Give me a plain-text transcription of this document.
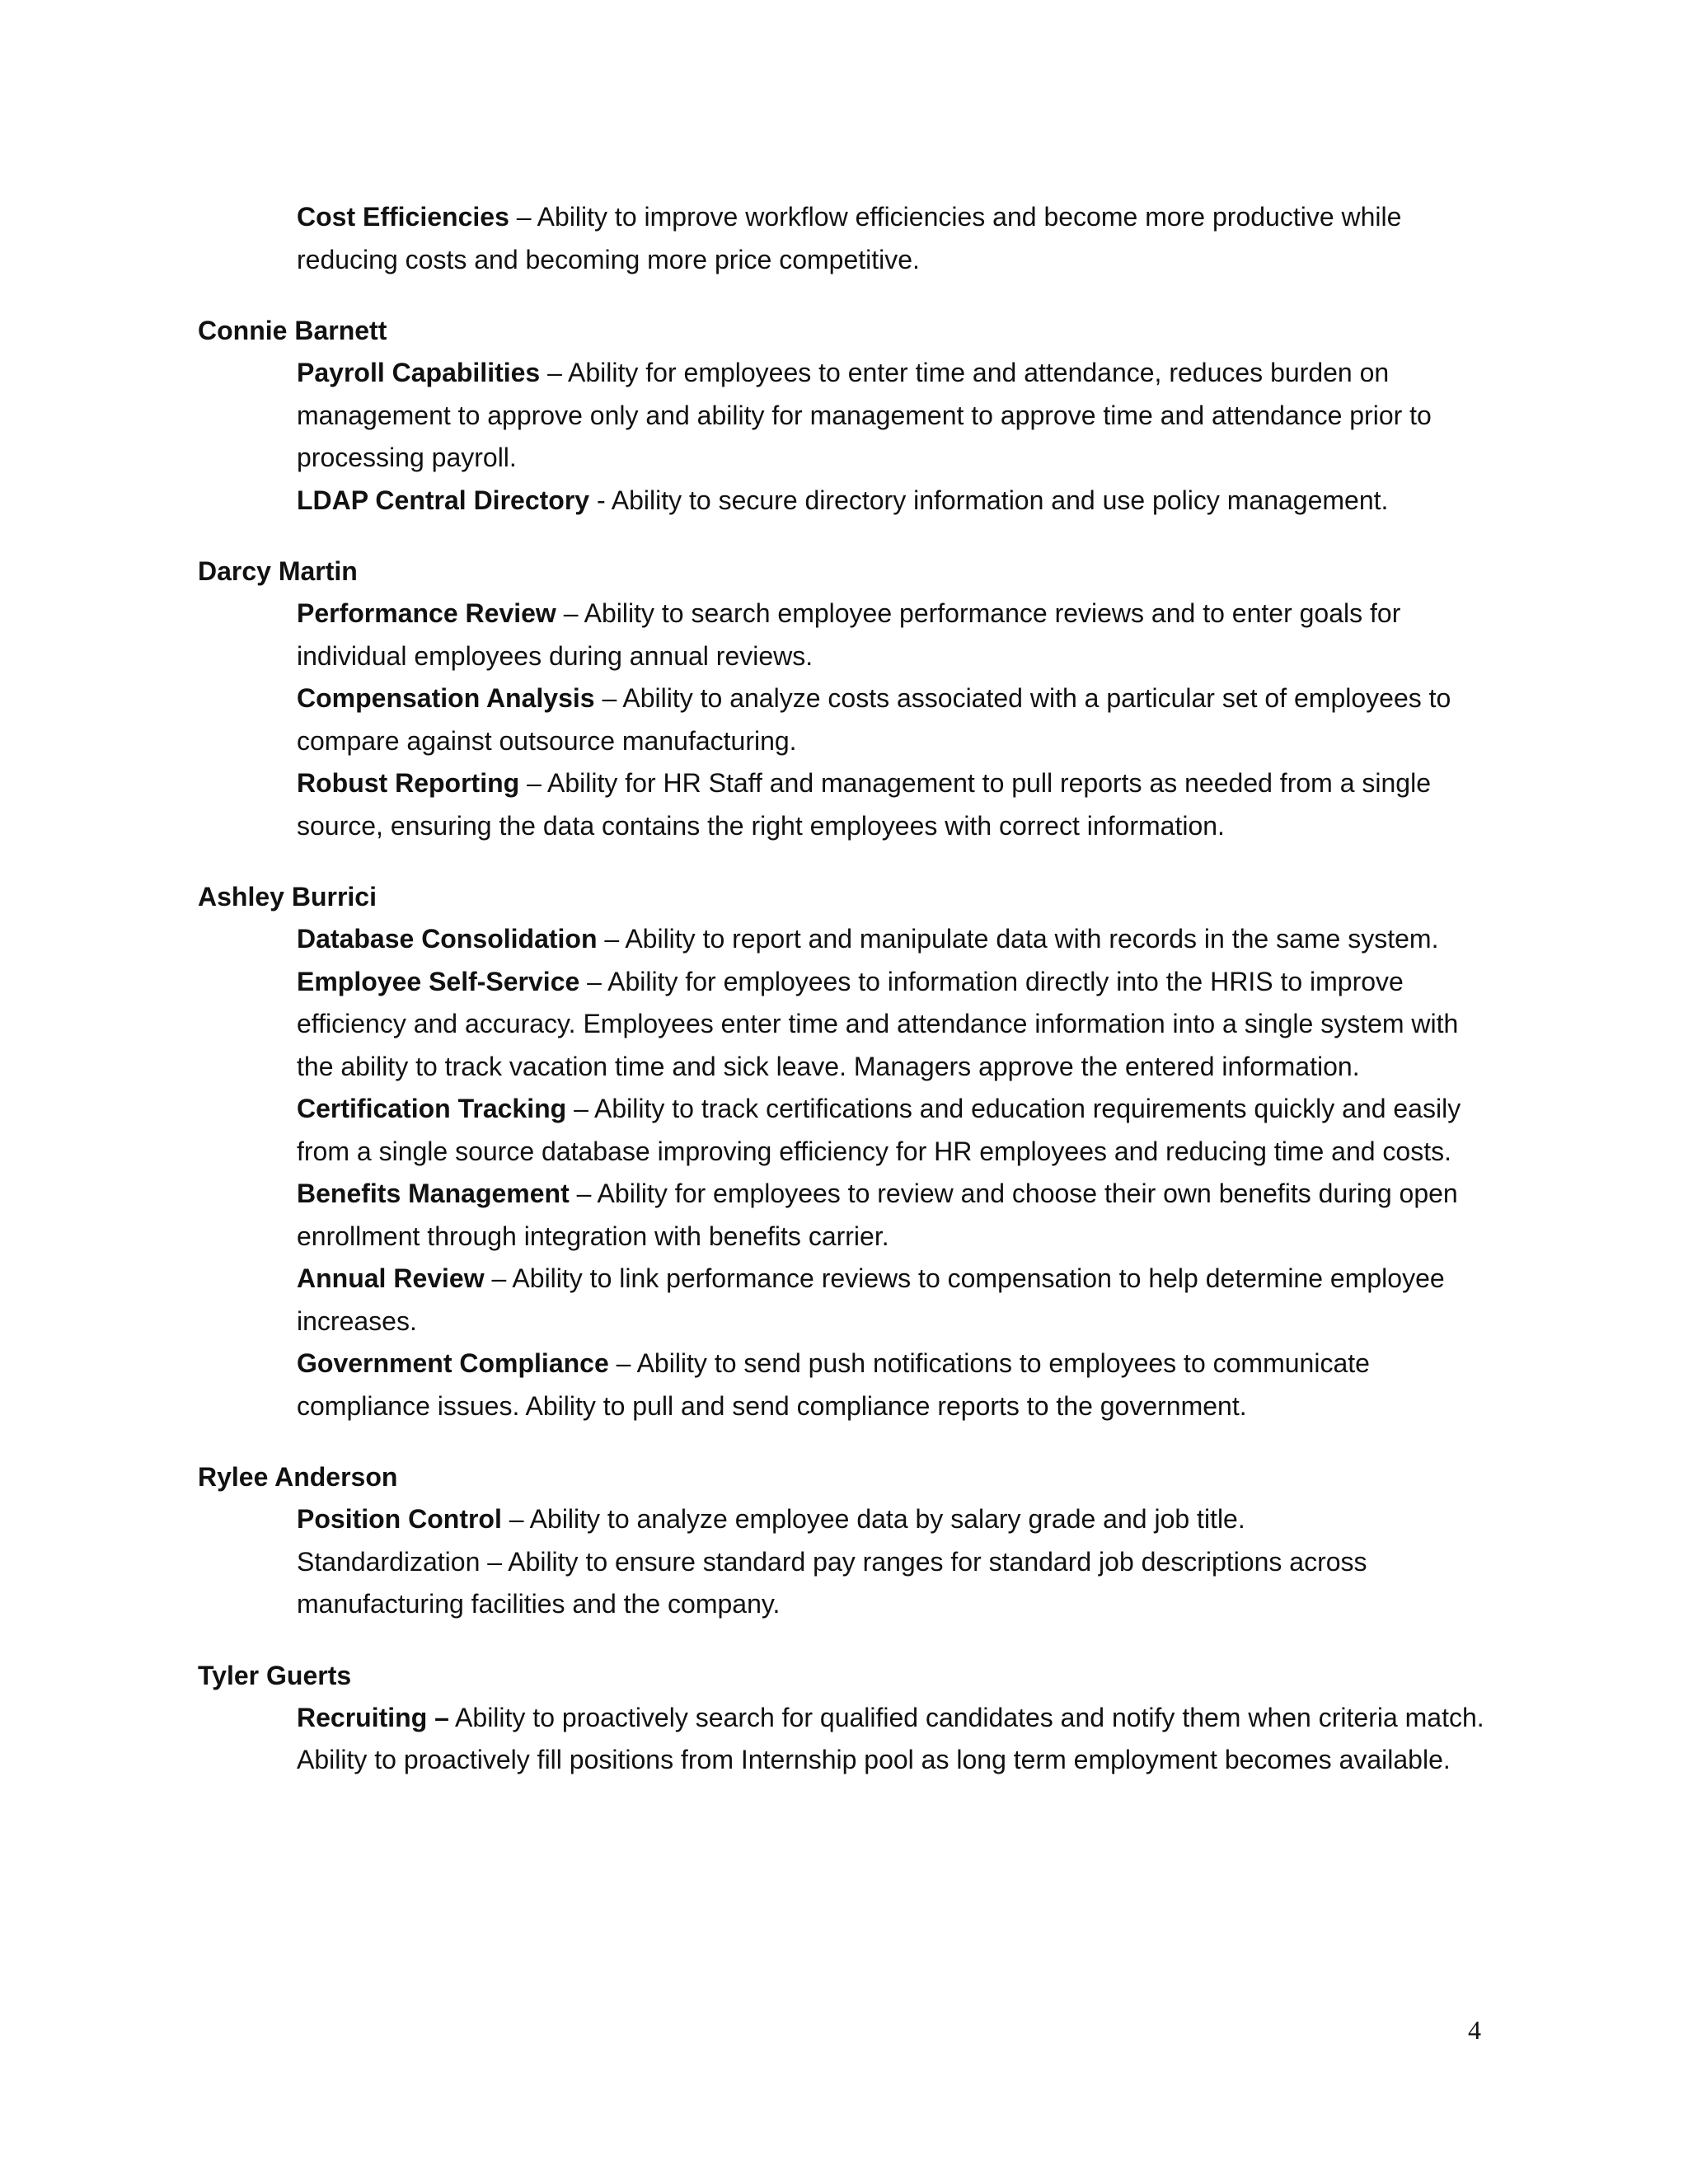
Cost Efficiencies – Ability to improve workflow efficiencies and become more productive while reducing costs and becoming more price competitive.

Connie Barnett

Payroll Capabilities – Ability for employees to enter time and attendance, reduces burden on management to approve only and ability for management to approve time and attendance prior to processing payroll.

LDAP Central Directory - Ability to secure directory information and use policy management.

Darcy Martin

Performance Review – Ability to search employee performance reviews and to enter goals for individual employees during annual reviews.

Compensation Analysis – Ability to analyze costs associated with a particular set of employees to compare against outsource manufacturing.

Robust Reporting – Ability for HR Staff and management to pull reports as needed from a single source, ensuring the data contains the right employees with correct information.

Ashley Burrici

Database Consolidation – Ability to report and manipulate data with records in the same system.

Employee Self-Service – Ability for employees to information directly into the HRIS to improve efficiency and accuracy. Employees enter time and attendance information into a single system with the ability to track vacation time and sick leave. Managers approve the entered information.

Certification Tracking – Ability to track certifications and education requirements quickly and easily from a single source database improving efficiency for HR employees and reducing time and costs.

Benefits Management – Ability for employees to review and choose their own benefits during open enrollment through integration with benefits carrier.

Annual Review – Ability to link performance reviews to compensation to help determine employee increases.

Government Compliance – Ability to send push notifications to employees to communicate compliance issues. Ability to pull and send compliance reports to the government.

Rylee Anderson

Position Control – Ability to analyze employee data by salary grade and job title.

Standardization – Ability to ensure standard pay ranges for standard job descriptions across manufacturing facilities and the company.

Tyler Guerts

Recruiting – Ability to proactively search for qualified candidates and notify them when criteria match. Ability to proactively fill positions from Internship pool as long term employment becomes available.

4
